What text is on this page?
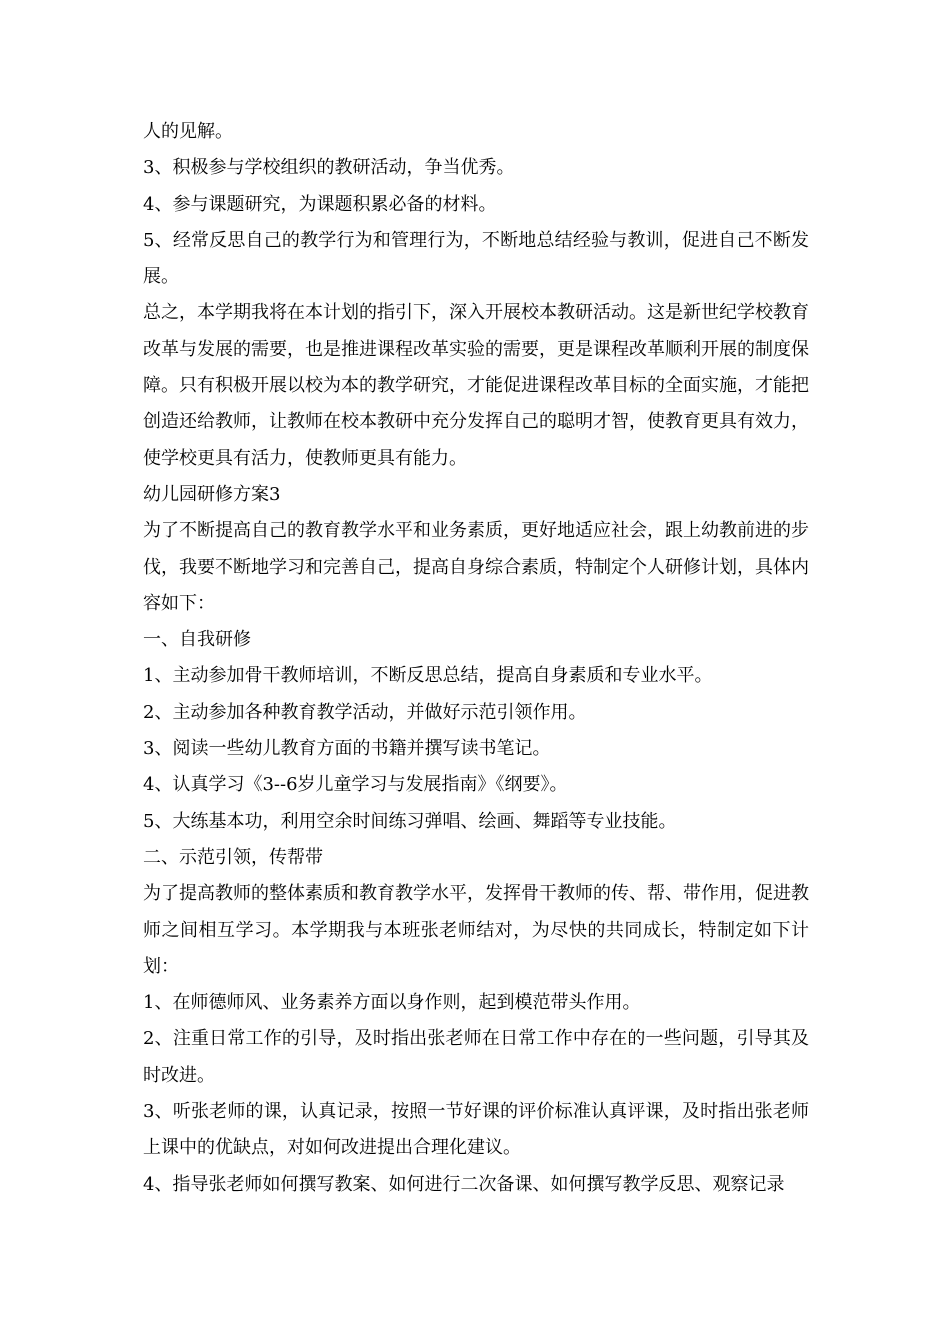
人的见解。

3、积极参与学校组织的教研活动，争当优秀。

4、参与课题研究，为课题积累必备的材料。

5、经常反思自己的教学行为和管理行为，不断地总结经验与教训，促进自己不断发展。

总之，本学期我将在本计划的指引下，深入开展校本教研活动。这是新世纪学校教育改革与发展的需要，也是推进课程改革实验的需要，更是课程改革顺利开展的制度保障。只有积极开展以校为本的教学研究，才能促进课程改革目标的全面实施，才能把创造还给教师，让教师在校本教研中充分发挥自己的聪明才智，使教育更具有效力，使学校更具有活力，使教师更具有能力。

幼儿园研修方案3

为了不断提高自己的教育教学水平和业务素质，更好地适应社会，跟上幼教前进的步伐，我要不断地学习和完善自己，提高自身综合素质，特制定个人研修计划，具体内容如下：

一、自我研修

1、主动参加骨干教师培训，不断反思总结，提高自身素质和专业水平。

2、主动参加各种教育教学活动，并做好示范引领作用。

3、阅读一些幼儿教育方面的书籍并撰写读书笔记。

4、认真学习《3--6岁儿童学习与发展指南》《纲要》。

5、大练基本功，利用空余时间练习弹唱、绘画、舞蹈等专业技能。

二、示范引领，传帮带

为了提高教师的整体素质和教育教学水平，发挥骨干教师的传、帮、带作用，促进教师之间相互学习。本学期我与本班张老师结对，为尽快的共同成长，特制定如下计划：

1、在师德师风、业务素养方面以身作则，起到模范带头作用。

2、注重日常工作的引导，及时指出张老师在日常工作中存在的一些问题，引导其及时改进。

3、听张老师的课，认真记录，按照一节好课的评价标准认真评课，及时指出张老师上课中的优缺点，对如何改进提出合理化建议。

4、指导张老师如何撰写教案、如何进行二次备课、如何撰写教学反思、观察记录
